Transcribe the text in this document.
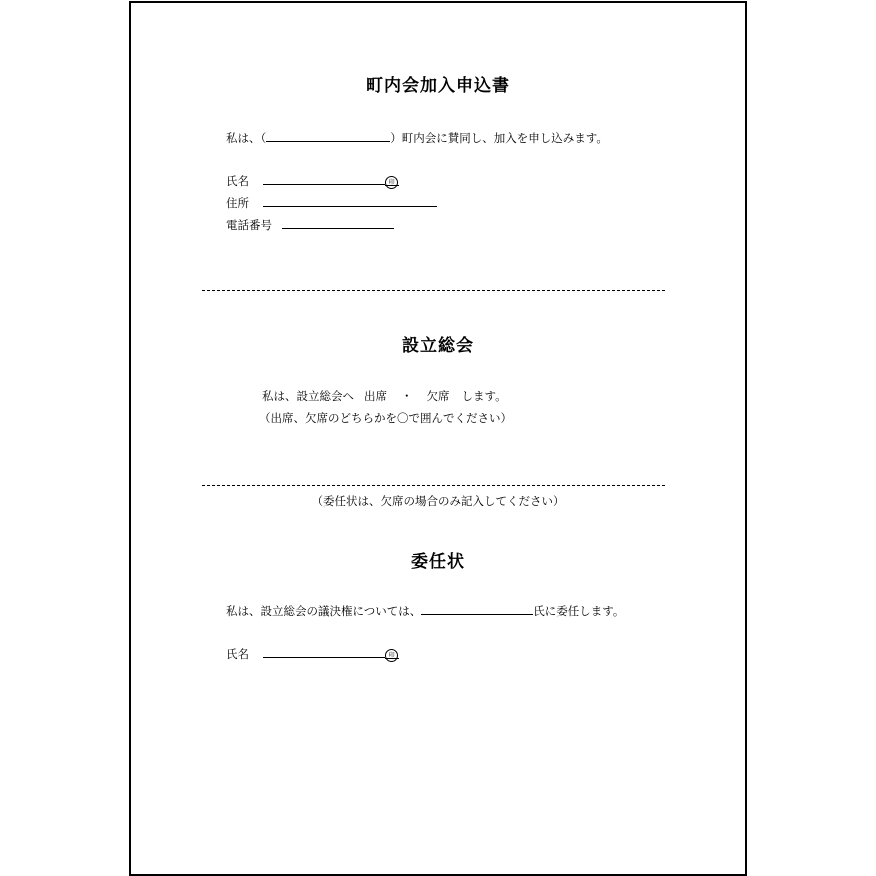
町内会加入申込書
私は、（	）町内会に賛同し、加入を申し込みます。
氏名	印
住所
電話番号
設立総会
私は、設立総会へ 出席 ・ 欠席 します。
（出席、欠席のどちらかを〇で囲んでください）
（委任状は、欠席の場合のみ記入してください）
委任状
私は、設立総会の議決権については、	氏に委任します。
氏名	印
